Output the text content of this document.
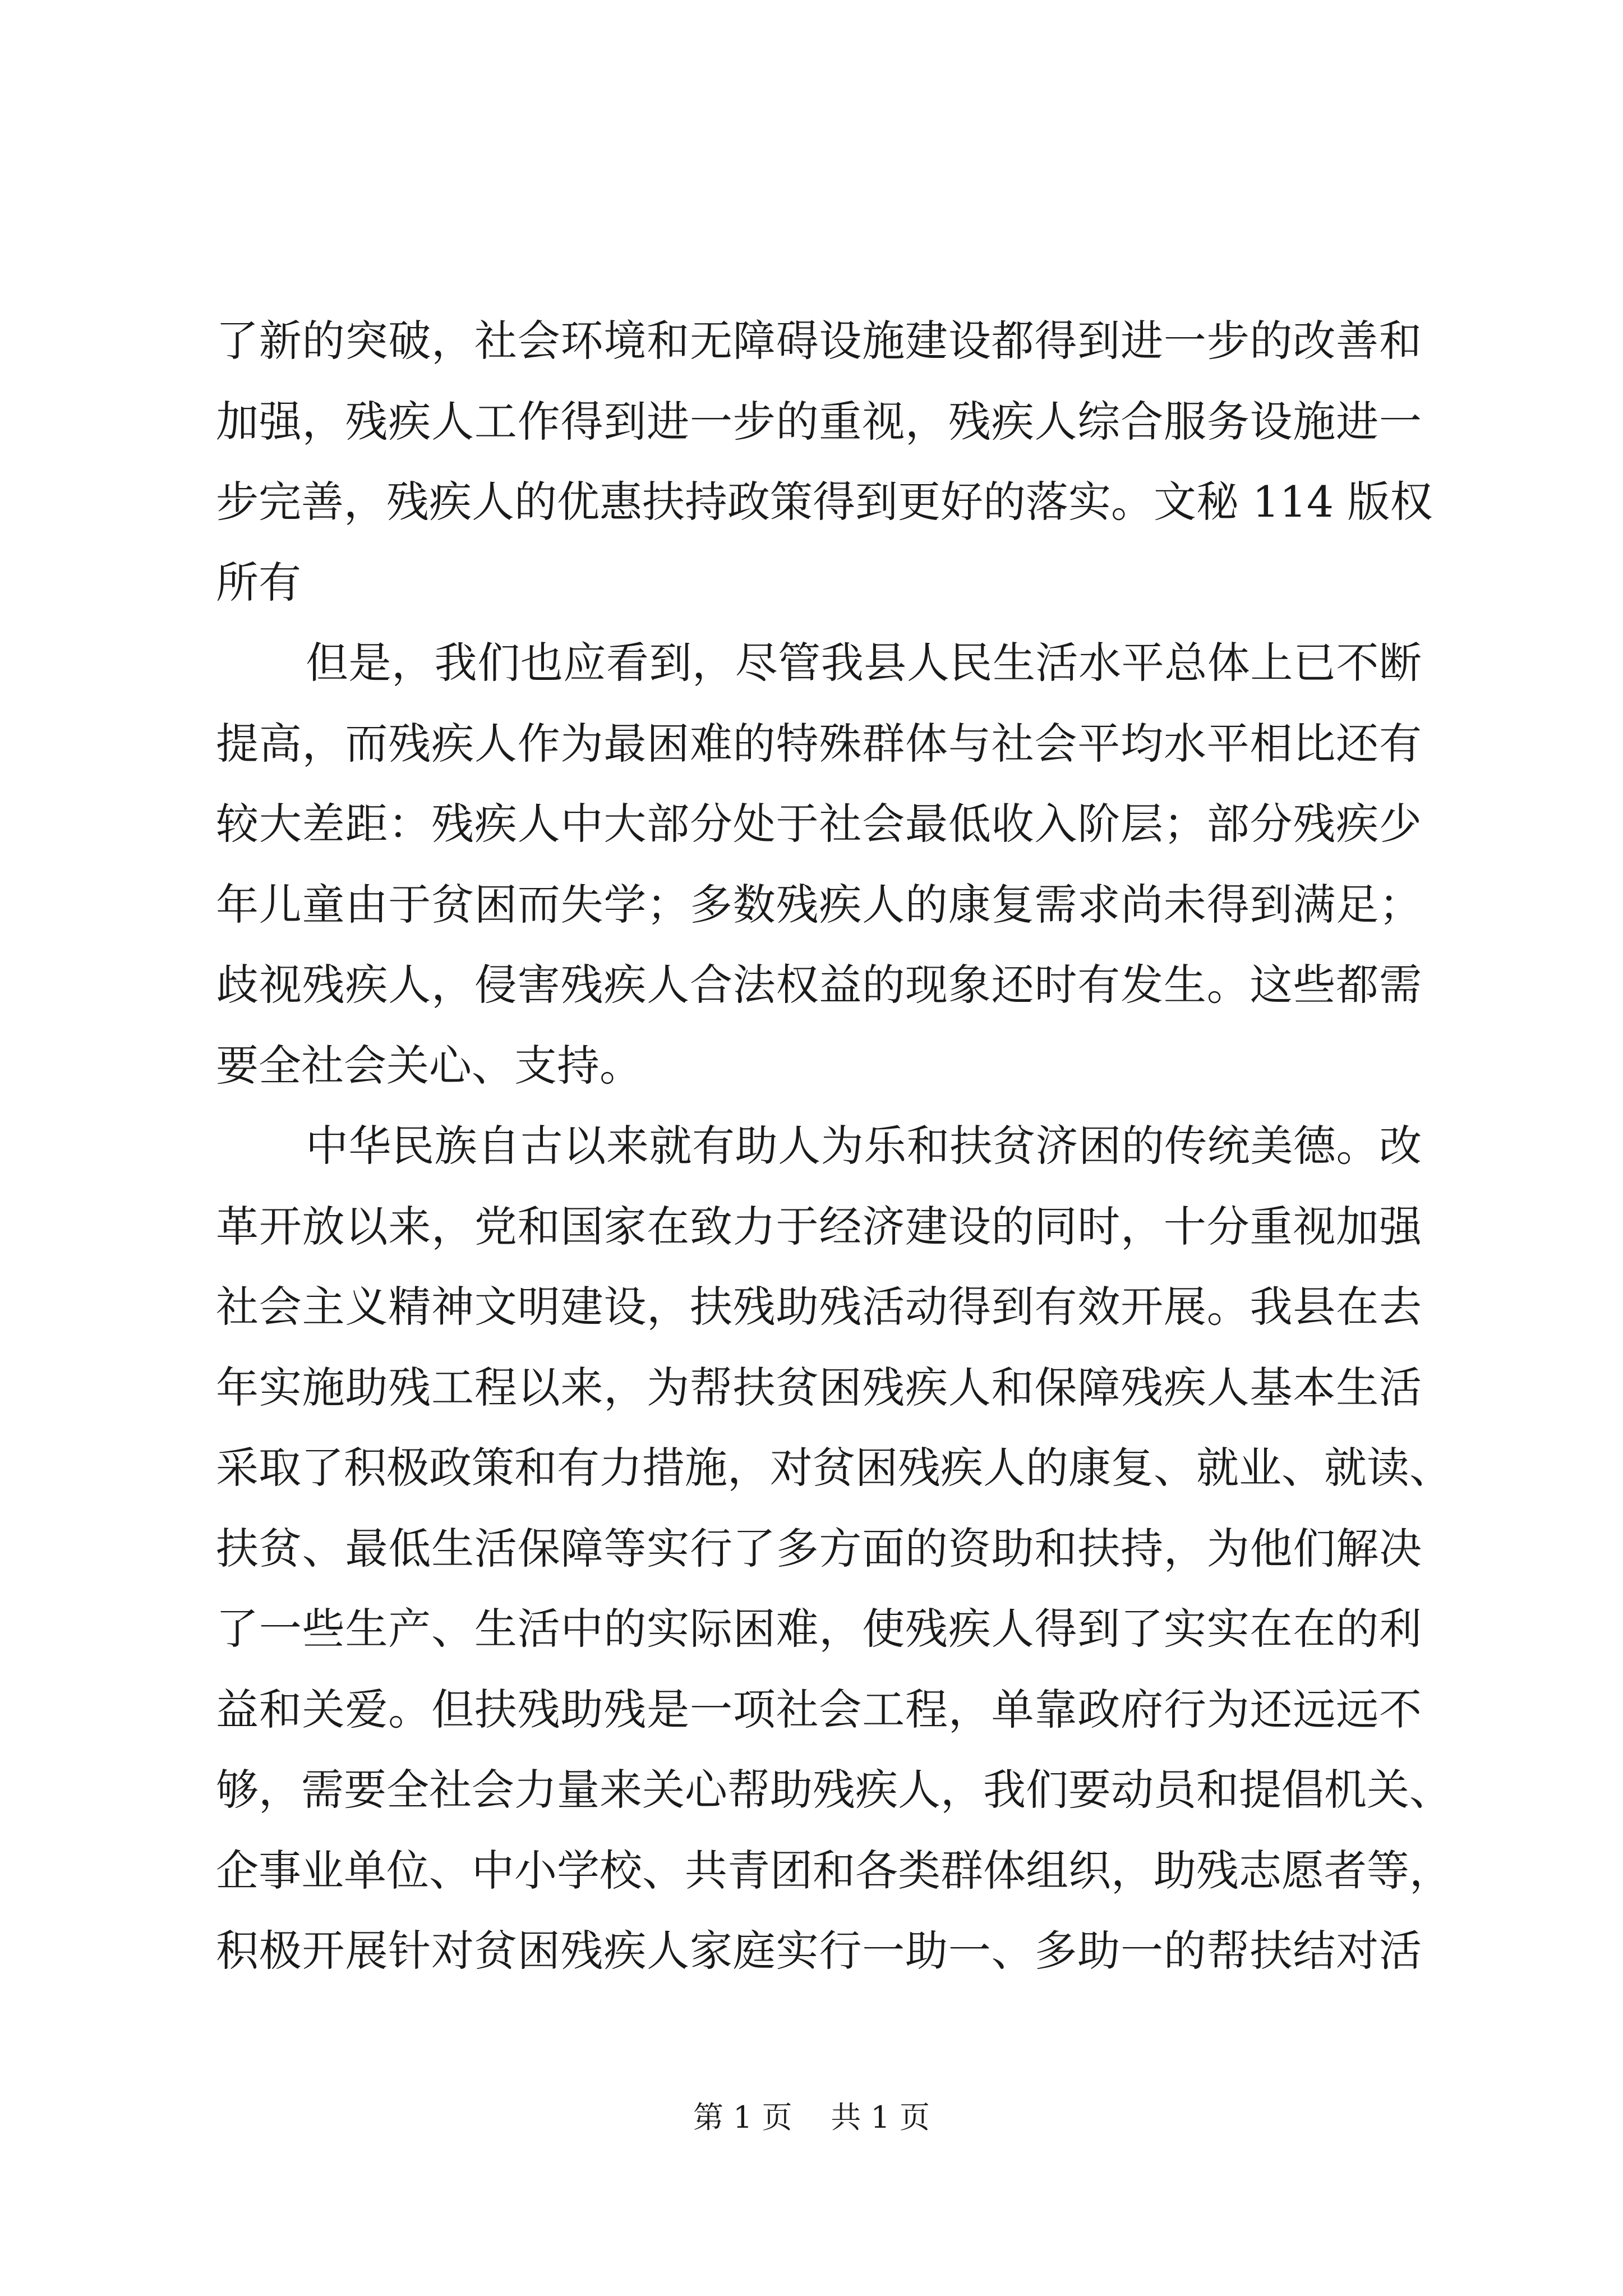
了新的突破，社会环境和无障碍设施建设都得到进一步的改善和
加强，残疾人工作得到进一步的重视，残疾人综合服务设施进一
步完善，残疾人的优惠扶持政策得到更好的落实。文秘 114 版权
所有
但是，我们也应看到，尽管我县人民生活水平总体上已不断
提高，而残疾人作为最困难的特殊群体与社会平均水平相比还有
较大差距：残疾人中大部分处于社会最低收入阶层；部分残疾少
年儿童由于贫困而失学；多数残疾人的康复需求尚未得到满足；
歧视残疾人，侵害残疾人合法权益的现象还时有发生。这些都需
要全社会关心、支持。
中华民族自古以来就有助人为乐和扶贫济困的传统美德。改
革开放以来，党和国家在致力于经济建设的同时，十分重视加强
社会主义精神文明建设，扶残助残活动得到有效开展。我县在去
年实施助残工程以来，为帮扶贫困残疾人和保障残疾人基本生活
采取了积极政策和有力措施，对贫困残疾人的康复、就业、就读、
扶贫、最低生活保障等实行了多方面的资助和扶持，为他们解决
了一些生产、生活中的实际困难，使残疾人得到了实实在在的利
益和关爱。但扶残助残是一项社会工程，单靠政府行为还远远不
够，需要全社会力量来关心帮助残疾人，我们要动员和提倡机关、
企事业单位、中小学校、共青团和各类群体组织，助残志愿者等，
积极开展针对贫困残疾人家庭实行一助一、多助一的帮扶结对活
第 1 页 共 1 页
